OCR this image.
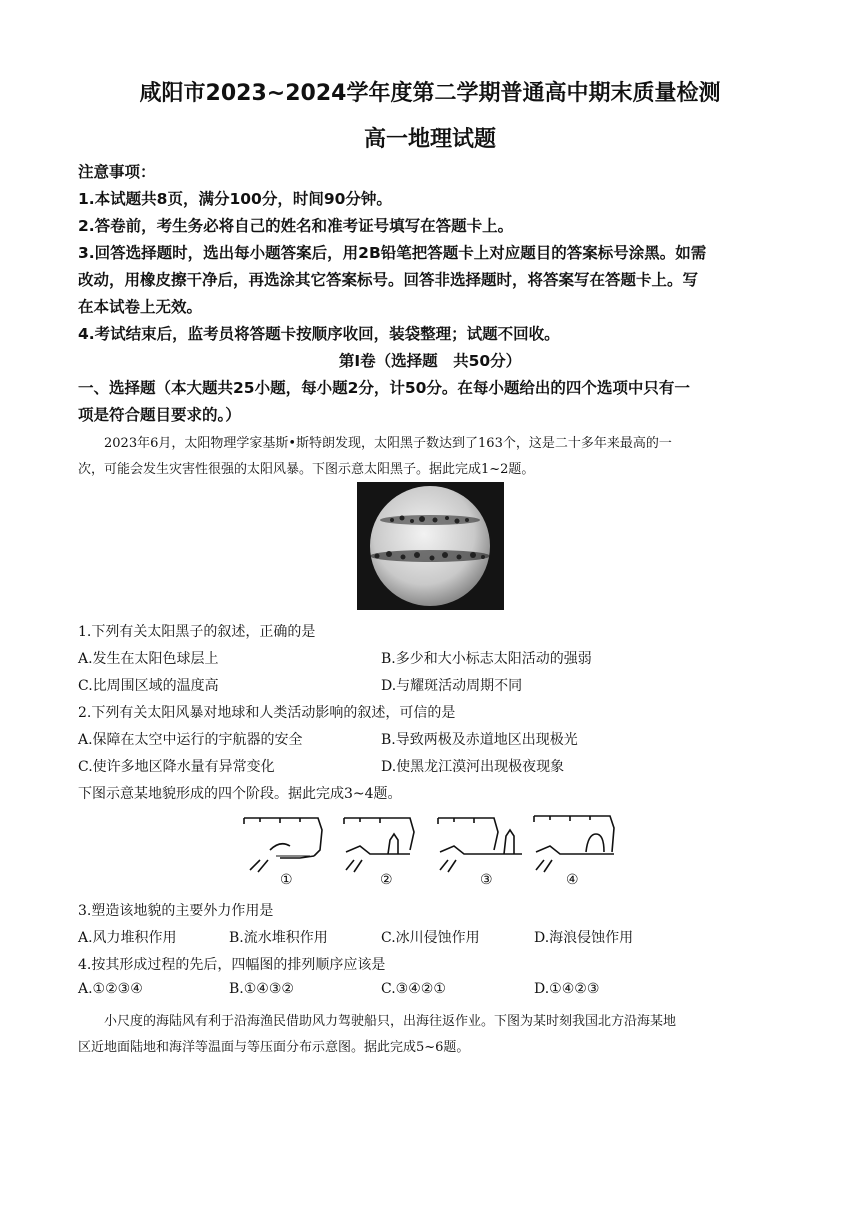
咸阳市2023~2024学年度第二学期普通高中期末质量检测
高一地理试题
注意事项：
1.本试题共8页，满分100分，时间90分钟。
2.答卷前，考生务必将自己的姓名和准考证号填写在答题卡上。
3.回答选择题时，选出每小题答案后，用2B铅笔把答题卡上对应题目的答案标号涂黑。如需
改动，用橡皮擦干净后，再选涂其它答案标号。回答非选择题时，将答案写在答题卡上。写
在本试卷上无效。
4.考试结束后，监考员将答题卡按顺序收回，装袋整理；试题不回收。
第Ⅰ卷（选择题　共50分）
一、选择题（本大题共25小题，每小题2分，计50分。在每小题给出的四个选项中只有一
项是符合题目要求的。）
2023年6月，太阳物理学家基斯•斯特朗发现，太阳黑子数达到了163个，这是二十多年来最高的一
次，可能会发生灾害性很强的太阳风暴。下图示意太阳黑子。据此完成1~2题。
1.下列有关太阳黑子的叙述，正确的是
A.发生在太阳色球层上	B.多少和大小标志太阳活动的强弱
C.比周围区域的温度高	D.与耀斑活动周期不同
2.下列有关太阳风暴对地球和人类活动影响的叙述，可信的是
A.保障在太空中运行的宇航器的安全	B.导致两极及赤道地区出现极光
C.使许多地区降水量有异常变化	D.使黑龙江漠河出现极夜现象
下图示意某地貌形成的四个阶段。据此完成3~4题。
①	②	③	④
3.塑造该地貌的主要外力作用是
A.风力堆积作用	B.流水堆积作用	C.冰川侵蚀作用	D.海浪侵蚀作用
4.按其形成过程的先后，四幅图的排列顺序应该是
A.①②③④	B.①④③②	C.③④②①	D.①④②③
小尺度的海陆风有利于沿海渔民借助风力驾驶船只，出海往返作业。下图为某时刻我国北方沿海某地
区近地面陆地和海洋等温面与等压面分布示意图。据此完成5~6题。
